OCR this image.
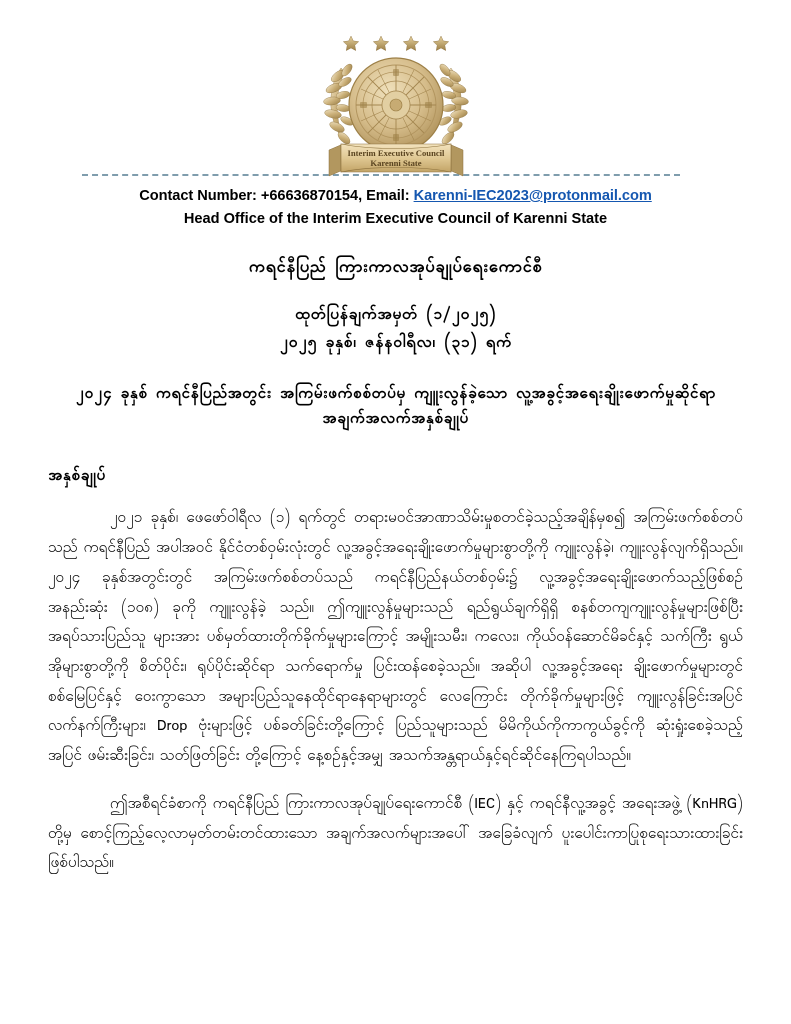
Interim Executive Council
Karenni State
Contact Number: +66636870154, Email: Karenni-IEC2023@protonmail.com
Head Office of the Interim Executive Council of Karenni State
ကရင်နီပြည် ကြားကာလအုပ်ချုပ်ရေးကောင်စီ
ထုတ်ပြန်ချက်အမှတ် (၁/၂၀၂၅)
၂၀၂၅ ခုနှစ်၊ ဇန်နဝါရီလ၊ (၃၁) ရက်
၂၀၂၄ ခုနှစ် ကရင်နီပြည်အတွင်း အကြမ်းဖက်စစ်တပ်မှ ကျူးလွန်ခဲ့သော လူ့အခွင့်အရေးချိုးဖောက်မှုဆိုင်ရာ
အချက်အလက်အနှစ်ချုပ်
အနှစ်ချုပ်
၂၀၂၁ ခုနှစ်၊ ဖေဖော်ဝါရီလ (၁) ရက်တွင် တရားမဝင်အာဏာသိမ်းမှုစတင်ခဲ့သည့်အချိန်မှစ၍ အကြမ်းဖက်စစ်တပ်သည် ကရင်နီပြည် အပါအဝင် နိုင်ငံတစ်ဝှမ်းလုံးတွင် လူ့အခွင့်အရေးချိုးဖောက်မှုများစွာတို့ကို ကျူးလွန်ခဲ့၊ ကျူးလွန်လျက်ရှိသည်။ ၂၀၂၄ ခုနှစ်အတွင်းတွင် အကြမ်းဖက်စစ်တပ်သည် ကရင်နီပြည်နယ်တစ်ဝှမ်း၌ လူ့အခွင့်အရေးချိုးဖောက်သည့်ဖြစ်စဉ် အနည်းဆုံး (၁၀၈) ခုကို ကျူးလွန်ခဲ့ သည်။ ဤကျူးလွန်မှုများသည် ရည်ရွယ်ချက်ရှိရှိ စနစ်တကျကျူးလွန်မှုများဖြစ်ပြီး အရပ်သားပြည်သူ များအား ပစ်မှတ်ထားတိုက်ခိုက်မှုများကြောင့် အမျိုးသမီး၊ ကလေး၊ ကိုယ်ဝန်ဆောင်မိခင်နှင့် သက်ကြီး ရွယ်အိုများစွာတို့ကို စိတ်ပိုင်း၊ ရုပ်ပိုင်းဆိုင်ရာ သက်ရောက်မှု ပြင်းထန်စေခဲ့သည်။ အဆိုပါ လူ့အခွင့်အရေး ချိုးဖောက်မှုများတွင် စစ်မြေပြင်နှင့် ဝေးကွာသော အများပြည်သူနေထိုင်ရာနေရာများတွင် လေကြောင်း တိုက်ခိုက်မှုများဖြင့် ကျူးလွန်ခြင်းအပြင် လက်နက်ကြီးများ၊ Drop ဗုံးများဖြင့် ပစ်ခတ်ခြင်းတို့ကြောင့် ပြည်သူများသည် မိမိကိုယ်ကိုကာကွယ်ခွင့်ကို ဆုံးရှုံးစေခဲ့သည့်အပြင် ဖမ်းဆီးခြင်း၊ သတ်ဖြတ်ခြင်း တို့ကြောင့် နေ့စဉ်နှင့်အမျှ အသက်အန္တရာယ်နှင့်ရင်ဆိုင်နေကြရပါသည်။
ဤအစီရင်ခံစာကို ကရင်နီပြည် ကြားကာလအုပ်ချုပ်ရေးကောင်စီ (IEC) နှင့် ကရင်နီလူ့အခွင့် အရေးအဖွဲ့ (KnHRG) တို့မှ စောင့်ကြည့်လေ့လာမှတ်တမ်းတင်ထားသော အချက်အလက်များအပေါ် အခြေခံလျက် ပူးပေါင်းကာပြုစုရေးသားထားခြင်းဖြစ်ပါသည်။
